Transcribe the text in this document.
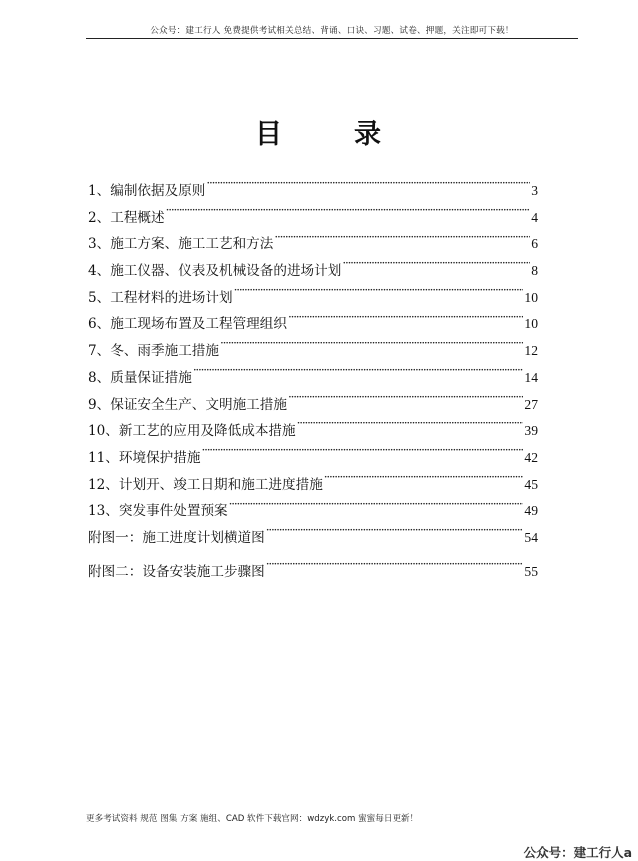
公众号：建工行人 免费提供考试相关总结、背诵、口诀、习题、试卷、押题，关注即可下载！
目	录
1、编制依据及原则 ·····	3
2、工程概述 ·····	4
3、施工方案、施工工艺和方法 ·····	6
4、施工仪器、仪表及机械设备的进场计划 ·····	8
5、工程材料的进场计划 ·····	10
6、施工现场布置及工程管理组织 ·····	10
7、冬、雨季施工措施 ·····	12
8、质量保证措施 ·····	14
9、保证安全生产、文明施工措施 ·····	27
10、新工艺的应用及降低成本措施 ·····	39
11、环境保护措施 ·····	42
12、计划开、竣工日期和施工进度措施 ·····	45
13、突发事件处置预案 ·····	49
附图一：施工进度计划横道图 ·····	54
附图二：设备安装施工步骤图 ·····	55
更多考试资料 规范 图集 方案 施组、CAD 软件下载官网：wdzyk.com 蜜蜜每日更新！
公众号：建工行人a
